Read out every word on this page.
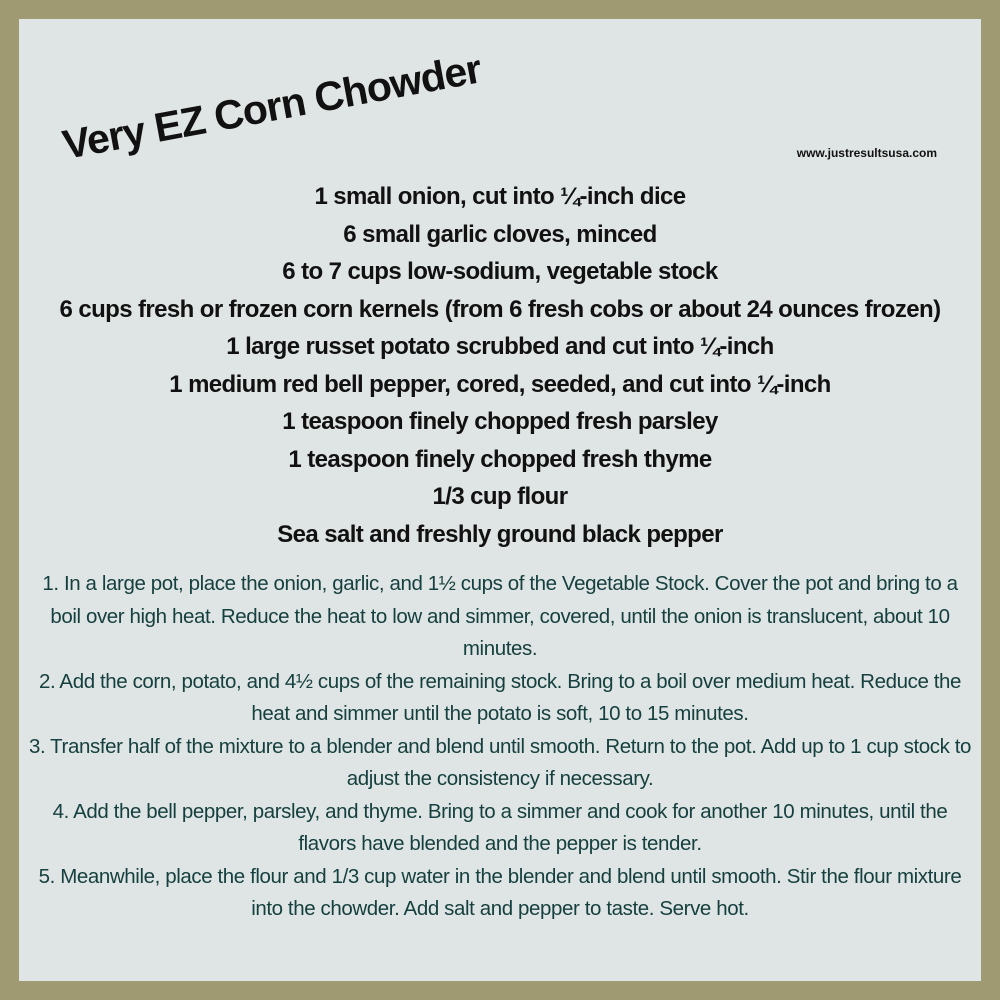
Very EZ Corn Chowder	www.justresultsusa.com
1 small onion, cut into ¼-inch dice
6 small garlic cloves, minced
6 to 7 cups low-sodium, vegetable stock
6 cups fresh or frozen corn kernels (from 6 fresh cobs or about 24 ounces frozen)
1 large russet potato scrubbed and cut into ¼-inch
1 medium red bell pepper, cored, seeded, and cut into ¼-inch
1 teaspoon finely chopped fresh parsley
1 teaspoon finely chopped fresh thyme
1/3 cup flour
Sea salt and freshly ground black pepper

1. In a large pot, place the onion, garlic, and 1½ cups of the Vegetable Stock. Cover the pot and bring to a boil over high heat. Reduce the heat to low and simmer, covered, until the onion is translucent, about 10 minutes.

2. Add the corn, potato, and 4½ cups of the remaining stock. Bring to a boil over medium heat. Reduce the heat and simmer until the potato is soft, 10 to 15 minutes.

3. Transfer half of the mixture to a blender and blend until smooth. Return to the pot. Add up to 1 cup stock to adjust the consistency if necessary.

4. Add the bell pepper, parsley, and thyme. Bring to a simmer and cook for another 10 minutes, until the flavors have blended and the pepper is tender.

5. Meanwhile, place the flour and 1/3 cup water in the blender and blend until smooth. Stir the flour mixture into the chowder. Add salt and pepper to taste. Serve hot.
